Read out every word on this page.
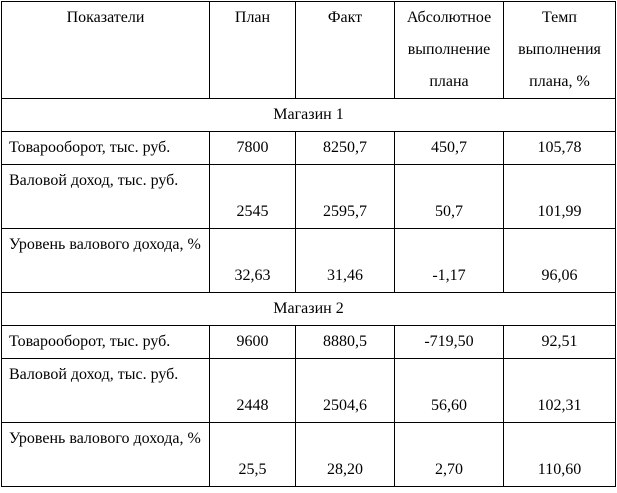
Показатели	План	Факт	Абсолютное выполнение плана	Темп выполнения плана, %
Магазин 1				
Товарооборот, тыс. руб.	7800	8250,7	450,7	105,78
Валовой доход, тыс. руб.	2545	2595,7	50,7	101,99
Уровень валового дохода, %	32,63	31,46	-1,17	96,06
Магазин 2				
Товарооборот, тыс. руб.	9600	8880,5	-719,50	92,51
Валовой доход, тыс. руб.	2448	2504,6	56,60	102,31
Уровень валового дохода, %	25,5	28,20	2,70	110,60
